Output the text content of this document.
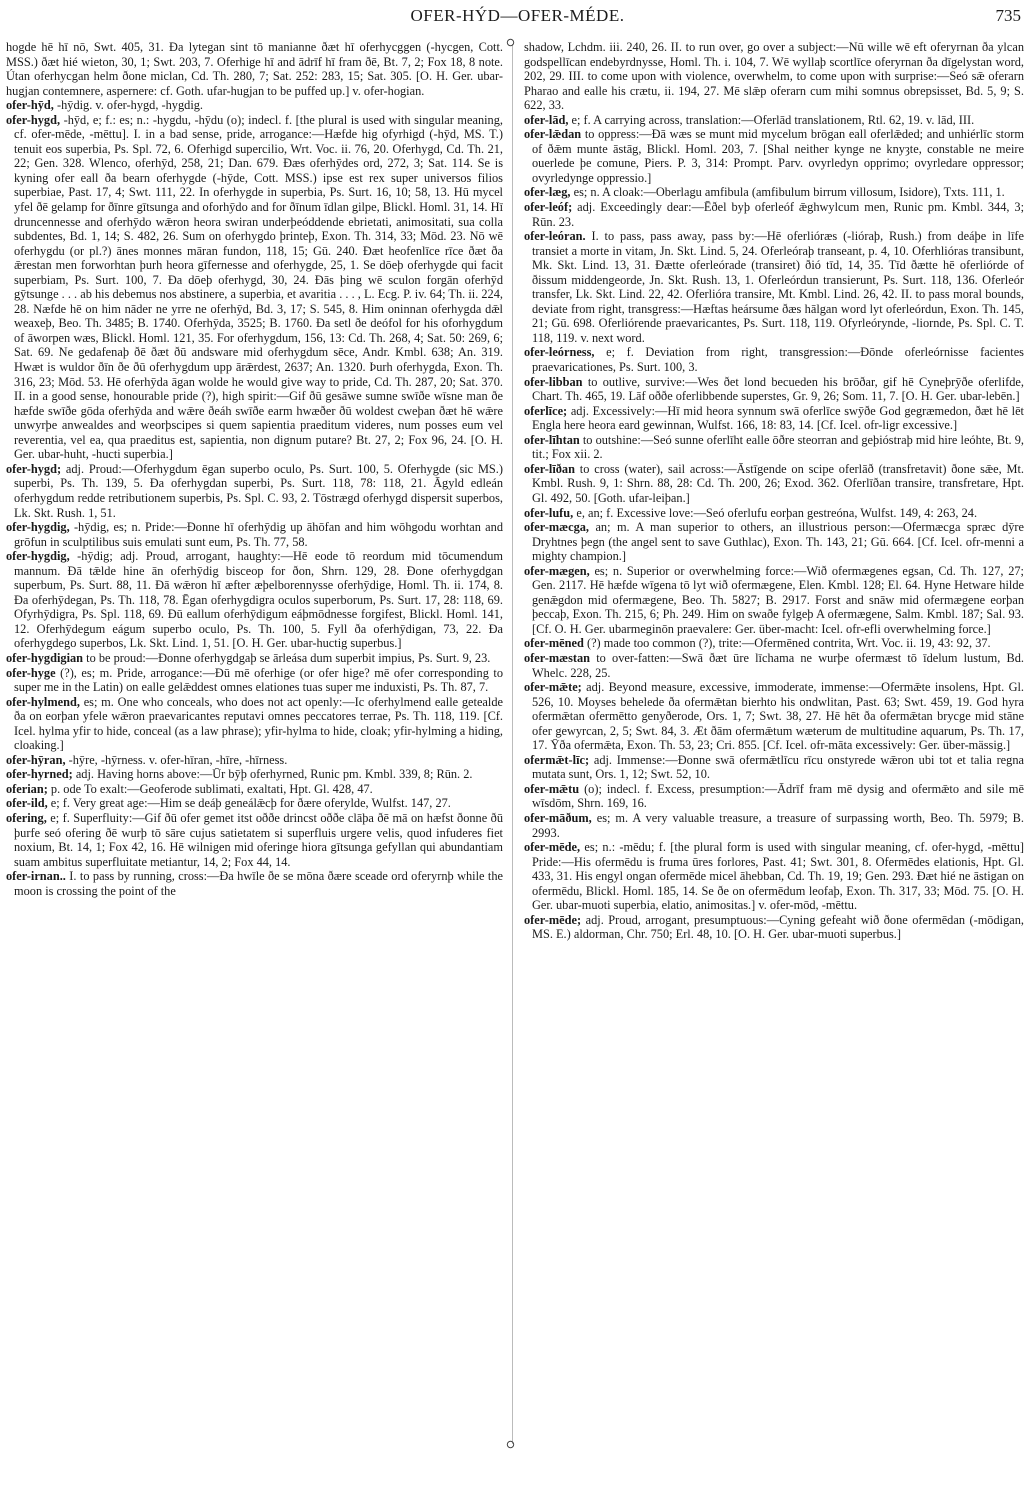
OFER-HÝD—OFER-MÉDE.	735

hogde hē hī nō, Swt. 405, 31. Ða lytegan sint tō manianne ðæt hī oferhycggen (-hycgen, Cott. MSS.) ðæt hié wieton, 30, 1; Swt. 203, 7. Oferhige hī and ādrīf hī fram ðē, Bt. 7, 2; Fox 18, 8 note. Útan oferhycgan helm ðone miclan, Cd. Th. 280, 7; Sat. 252: 283, 15; Sat. 305. [O. H. Ger. ubar-hugjan contemnere, aspernere: cf. Goth. ufar-hugjan to be puffed up.] v. ofer-hogian.

ofer-hȳd, -hȳdig. v. ofer-hygd, -hygdig.

ofer-hygd, -hȳd, e; f.: es; n.: -hygdu, -hȳdu (o); indecl. f. [the plural is used with singular meaning, cf. ofer-mēde, -mēttu]. I. in a bad sense, pride, arrogance:—Hæfde hig ofyrhigd (-hȳd, MS. T.) tenuit eos superbia, Ps. Spl. 72, 6. Oferhigd supercilio, Wrt. Voc. ii. 76, 20. Oferhygd, Cd. Th. 21, 22; Gen. 328. Wlenco, oferhȳd, 258, 21; Dan. 679. Ðæs oferhȳdes ord, 272, 3; Sat. 114. Se is kyning ofer eall ða bearn oferhygde (-hȳde, Cott. MSS.) ipse est rex super universos filios superbiae, Past. 17, 4; Swt. 111, 22. In oferhygde in superbia, Ps. Surt. 16, 10; 58, 13. Hū mycel yfel ðē gelamp for ðīnre gītsunga and oforhȳdo and for ðīnum īdlan gilpe, Blickl. Homl. 31, 14. Hī druncennesse and oferhȳdo wǣron heora swiran underþeóddende ebrietati, animositati, sua colla subdentes, Bd. 1, 14; S. 482, 26. Sum on oferhygdo þrinteþ, Exon. Th. 314, 33; Mōd. 23. Nō wē oferhygdu (or pl.?) ānes monnes māran fundon, 118, 15; Gū. 240. Ðæt heofenlīce rīce ðæt ða ǣrestan men forworhtan þurh heora gīfernesse and oferhygde, 25, 1. Se dōeþ oferhygde qui facit superbiam, Ps. Surt. 100, 7. Ða dōeþ oferhygd, 30, 24. Ðās þing wē sculon forgān oferhȳd gȳtsunge . . . ab his debemus nos abstinere, a superbia, et avaritia . . . , L. Ecg. P. iv. 64; Th. ii. 224, 28. Næfde hē on him nāder ne yrre ne oferhȳd, Bd. 3, 17; S. 545, 8. Him oninnan oferhygda dǣl weaxeþ, Beo. Th. 3485; B. 1740. Oferhȳda, 3525; B. 1760. Ða setl ðe deófol for his oforhygdum of āworpen wæs, Blickl. Homl. 121, 35. For oferhygdum, 156, 13: Cd. Th. 268, 4; Sat. 50: 269, 6; Sat. 69. Ne gedafenaþ ðē ðæt ðū andsware mid oferhygdum sēce, Andr. Kmbl. 638; An. 319. Hwæt is wuldor ðīn ðe ðū oferhygdum upp ārǣrdest, 2637; An. 1320. Þurh oferhygda, Exon. Th. 316, 23; Mōd. 53. Hē oferhȳda āgan wolde he would give way to pride, Cd. Th. 287, 20; Sat. 370. II. in a good sense, honourable pride (?), high spirit:—Gif ðū gesāwe sumne swīðe wīsne man ðe hæfde swīðe gōda oferhȳda and wǣre ðeáh swīðe earm hwæðer ðū woldest cweþan ðæt hē wǣre unwyrþe anwealdes and weorþscipes si quem sapientia praeditum videres, num posses eum vel reverentia, vel ea, qua praeditus est, sapientia, non dignum putare? Bt. 27, 2; Fox 96, 24. [O. H. Ger. ubar-huht, -hucti superbia.]

ofer-hygd; adj. Proud:—Oferhygdum ēgan superbo oculo, Ps. Surt. 100, 5. Oferhygde (sic MS.) superbi, Ps. Th. 139, 5. Ða oferhygdan superbi, Ps. Surt. 118, 78: 118, 21. Āgyld edleán oferhygdum redde retributionem superbis, Ps. Spl. C. 93, 2. Tōstrægd oferhygd dispersit superbos, Lk. Skt. Rush. 1, 51.

ofer-hygdig, -hȳdig, es; n. Pride:—Ðonne hī oferhȳdig up āhōfan and him wōhgodu worhtan and grōfun in sculptilibus suis emulati sunt eum, Ps. Th. 77, 58.

ofer-hygdig, -hȳdig; adj. Proud, arrogant, haughty:—Hē eode tō reordum mid tōcumendum mannum. Ðā tǣlde hine ān oferhȳdig bisceop for ðon, Shrn. 129, 28. Ðone oferhygdgan superbum, Ps. Surt. 88, 11. Ðā wǣron hī æfter æþelborennysse oferhȳdige, Homl. Th. ii. 174, 8. Ða oferhȳdegan, Ps. Th. 118, 78. Ēgan oferhygdigra oculos superborum, Ps. Surt. 17, 28: 118, 69. Ofyrhȳdigra, Ps. Spl. 118, 69. Ðū eallum oferhȳdigum eáþmōdnesse forgifest, Blickl. Homl. 141, 12. Oferhȳdegum eágum superbo oculo, Ps. Th. 100, 5. Fyll ða oferhȳdigan, 73, 22. Ða oferhygdego superbos, Lk. Skt. Lind. 1, 51. [O. H. Ger. ubar-huctig superbus.]

ofer-hygdigian to be proud:—Ðonne oferhygdgaþ se ārleása dum superbit impius, Ps. Surt. 9, 23.

ofer-hyge (?), es; m. Pride, arrogance:—Ðū mē oferhige (or ofer hige? mē ofer corresponding to super me in the Latin) on ealle gelǣddest omnes elationes tuas super me induxisti, Ps. Th. 87, 7.

ofer-hylmend, es; m. One who conceals, who does not act openly:—Ic oferhylmend ealle getealde ða on eorþan yfele wǣron praevaricantes reputavi omnes peccatores terrae, Ps. Th. 118, 119. [Cf. Icel. hylma yfir to hide, conceal (as a law phrase); yfir-hylma to hide, cloak; yfir-hylming a hiding, cloaking.]

ofer-hȳran, -hȳre, -hȳrness. v. ofer-hīran, -hīre, -hīrness.

ofer-hyrned; adj. Having horns above:—Ūr bȳþ oferhyrned, Runic pm. Kmbl. 339, 8; Rūn. 2.

oferian; p. ode To exalt:—Geoferode sublimati, exaltati, Hpt. Gl. 428, 47.

ofer-ild, e; f. Very great age:—Him se deáþ geneálǣcþ for ðære oferylde, Wulfst. 147, 27.

ofering, e; f. Superfluity:—Gif ðū ofer gemet itst oððe drincst oððe clāþa ðē mā on hæfst ðonne ðū þurfe seó ofering ðē wurþ tō sāre cujus satietatem si superfluis urgere velis, quod infuderes fiet noxium, Bt. 14, 1; Fox 42, 16. Hē wilnigen mid oferinge hiora gītsunga gefyllan qui abundantiam suam ambitus superfluitate metiantur, 14, 2; Fox 44, 14.

ofer-irnan.. I. to pass by running, cross:—Ða hwīle ðe se mōna ðære sceade ord oferyrnþ while the moon is crossing the point of the

shadow, Lchdm. iii. 240, 26. II. to run over, go over a subject:—Nū wille wē eft oferyrnan ða ylcan godspellīcan endebyrdnysse, Homl. Th. i. 104, 7. Wē wyllaþ scortlīce oferyrnan ða dīgelystan word, 202, 29. III. to come upon with violence, overwhelm, to come upon with surprise:—Seó sǣ oferarn Pharao and ealle his crætu, ii. 194, 27. Mē slǣp oferarn cum mihi somnus obrepsisset, Bd. 5, 9; S. 622, 33.

ofer-lād, e; f. A carrying across, translation:—Oferlād translationem, Rtl. 62, 19. v. lād, III.

ofer-lǣdan to oppress:—Ðā wæs se munt mid mycelum brōgan eall oferlǣded; and unhiérlīc storm of ðǣm munte āstāg, Blickl. Homl. 203, 7. [Shal neither kynge ne knyȝte, constable ne meire ouerlede þe comune, Piers. P. 3, 314: Prompt. Parv. ovyrledyn opprimo; ovyrledare oppressor; ovyrledynge oppressio.]

ofer-læg, es; n. A cloak:—Oberlagu amfibula (amfibulum birrum villosum, Isidore), Txts. 111, 1.

ofer-leóf; adj. Exceedingly dear:—Ēðel byþ oferleóf ǣghwylcum men, Runic pm. Kmbl. 344, 3; Rūn. 23.

ofer-leóran. I. to pass, pass away, pass by:—Hē oferlióræs (-lióraþ, Rush.) from deáþe in līfe transiet a morte in vitam, Jn. Skt. Lind. 5, 24. Oferleóraþ transeant, p. 4, 10. Oferhlióras transibunt, Mk. Skt. Lind. 13, 31. Ðætte oferleórade (transiret) ðió tīd, 14, 35. Tīd ðætte hē oferliórde of ðissum middengeorde, Jn. Skt. Rush. 13, 1. Oferleórdun transierunt, Ps. Surt. 118, 136. Oferleór transfer, Lk. Skt. Lind. 22, 42. Oferlióra transire, Mt. Kmbl. Lind. 26, 42. II. to pass moral bounds, deviate from right, transgress:—Hæftas heársume ðæs hālgan word lyt oferleórdun, Exon. Th. 145, 21; Gū. 698. Oferliórende praevaricantes, Ps. Surt. 118, 119. Ofyrleórynde, -liornde, Ps. Spl. C. T. 118, 119. v. next word.

ofer-leórness, e; f. Deviation from right, transgression:—Ðōnde oferleórnisse facientes praevaricationes, Ps. Surt. 100, 3.

ofer-libban to outlive, survive:—Wes ðet lond becueden his brōðar, gif hē Cyneþrȳðe oferlifde, Chart. Th. 465, 19. Lāf oððe oferlibbende superstes, Gr. 9, 26; Som. 11, 7. [O. H. Ger. ubar-lebēn.]

oferlīce; adj. Excessively:—Hī mid heora synnum swā oferlīce swȳðe God gegræmedon, ðæt hē lēt Engla here heora eard gewinnan, Wulfst. 166, 18: 83, 14. [Cf. Icel. ofr-ligr excessive.]

ofer-līhtan to outshine:—Seó sunne oferlīht ealle ōðre steorran and geþióstraþ mid hire leóhte, Bt. 9, tit.; Fox xii. 2.

ofer-līðan to cross (water), sail across:—Āstīgende on scipe oferlāð (transfretavit) ðone sǣe, Mt. Kmbl. Rush. 9, 1: Shrn. 88, 28: Cd. Th. 200, 26; Exod. 362. Oferlīðan transire, transfretare, Hpt. Gl. 492, 50. [Goth. ufar-leiþan.]

ofer-lufu, e, an; f. Excessive love:—Seó oferlufu eorþan gestreóna, Wulfst. 149, 4: 263, 24.

ofer-mæcga, an; m. A man superior to others, an illustrious person:—Ofermæcga spræc dȳre Dryhtnes þegn (the angel sent to save Guthlac), Exon. Th. 143, 21; Gū. 664. [Cf. Icel. ofr-menni a mighty champion.]

ofer-mægen, es; n. Superior or overwhelming force:—Wið ofermægenes egsan, Cd. Th. 127, 27; Gen. 2117. Hē hæfde wīgena tō lyt wið ofermægene, Elen. Kmbl. 128; El. 64. Hyne Hetware hilde genǣgdon mid ofermægene, Beo. Th. 5827; B. 2917. Forst and snāw mid ofermægene eorþan þeccaþ, Exon. Th. 215, 6; Ph. 249. Him on swaðe fylgeþ A ofermægene, Salm. Kmbl. 187; Sal. 93. [Cf. O. H. Ger. ubarmeginōn praevalere: Ger. über-macht: Icel. ofr-efli overwhelming force.]

ofer-mēned (?) made too common (?), trite:—Ofermēned contrita, Wrt. Voc. ii. 19, 43: 92, 37.

ofer-mæstan to over-fatten:—Swā ðæt ūre līchama ne wurþe ofermæst tō īdelum lustum, Bd. Whelc. 228, 25.

ofer-mǣte; adj. Beyond measure, excessive, immoderate, immense:—Ofermǣte insolens, Hpt. Gl. 526, 10. Moyses behelede ða ofermǣtan bierhto his ondwlitan, Past. 63; Swt. 459, 19. God hyra ofermǣtan ofermētto genyðerode, Ors. 1, 7; Swt. 38, 27. Hē hēt ða ofermǣtan brycge mid stāne ofer gewyrcan, 2, 5; Swt. 84, 3. Æt ðām ofermǣtum wæterum de multitudine aquarum, Ps. Th. 17, 17. Ȳða ofermǣta, Exon. Th. 53, 23; Cri. 855. [Cf. Icel. ofr-māta excessively: Ger. über-mässig.]

ofermǣt-līc; adj. Immense:—Ðonne swā ofermǣtlīcu rīcu onstyrede wǣron ubi tot et talia regna mutata sunt, Ors. 1, 12; Swt. 52, 10.

ofer-mǣtu (o); indecl. f. Excess, presumption:—Ādrīf fram mē dysig and ofermǣto and sile mē wīsdōm, Shrn. 169, 16.

ofer-māðum, es; m. A very valuable treasure, a treasure of surpassing worth, Beo. Th. 5979; B. 2993.

ofer-mēde, es; n.: -mēdu; f. [the plural form is used with singular meaning, cf. ofer-hygd, -mēttu] Pride:—His ofermēdu is fruma ūres forlores, Past. 41; Swt. 301, 8. Ofermēdes elationis, Hpt. Gl. 433, 31. His engyl ongan ofermēde micel āhebban, Cd. Th. 19, 19; Gen. 293. Ðæt hié ne āstigan on ofermēdu, Blickl. Homl. 185, 14. Se ðe on ofermēdum leofaþ, Exon. Th. 317, 33; Mōd. 75. [O. H. Ger. ubar-muoti superbia, elatio, animositas.] v. ofer-mōd, -mēttu.

ofer-mēde; adj. Proud, arrogant, presumptuous:—Cyning gefeaht wið ðone ofermēdan (-mōdigan, MS. E.) aldorman, Chr. 750; Erl. 48, 10. [O. H. Ger. ubar-muoti superbus.]
